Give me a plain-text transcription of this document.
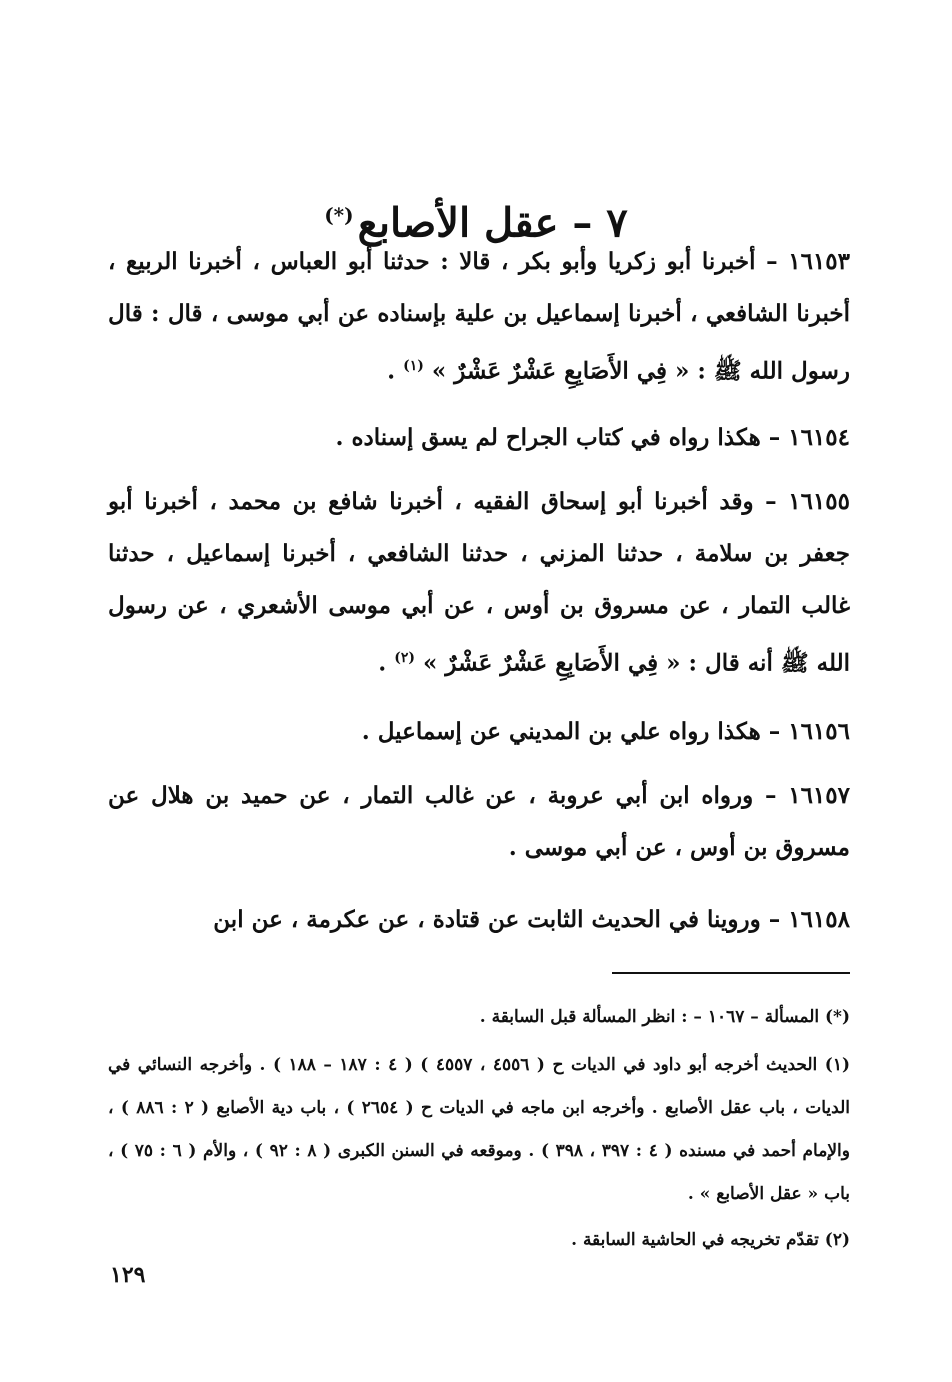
٧ – عقل الأصابع(*)

١٦١٥٣ – أخبرنا أبو زكريا وأبو بكر ، قالا : حدثنا أبو العباس ، أخبرنا الربيع ، أخبرنا الشافعي ، أخبرنا إسماعيل بن علية بإسناده عن أبي موسى ، قال : قال رسول الله ﷺ : « فِي الأَصَابِعِ عَشْرٌ عَشْرٌ » $^{(١)}$ .

١٦١٥٤ – هكذا رواه في كتاب الجراح لم يسق إسناده .

١٦١٥٥ – وقد أخبرنا أبو إسحاق الفقيه ، أخبرنا شافع بن محمد ، أخبرنا أبو جعفر بن سلامة ، حدثنا المزني ، حدثنا الشافعي ، أخبرنا إسماعيل ، حدثنا غالب التمار ، عن مسروق بن أوس ، عن أبي موسى الأشعري ، عن رسول الله ﷺ أنه قال : « فِي الأَصَابِعِ عَشْرٌ عَشْرٌ » $^{(٢)}$ .

١٦١٥٦ – هكذا رواه علي بن المديني عن إسماعيل .

١٦١٥٧ – ورواه ابن أبي عروبة ، عن غالب التمار ، عن حميد بن هلال عن مسروق بن أوس ، عن أبي موسى .

١٦١٥٨ – وروينا في الحديث الثابت عن قتادة ، عن عكرمة ، عن ابن

(*) المسألة – ١٠٦٧ – : انظر المسألة قبل السابقة .

(١) الحديث أخرجه أبو داود في الديات ح ( ٤٥٥٦ ، ٤٥٥٧ ) ( ٤ : ١٨٧ – ١٨٨ ) . وأخرجه النسائي في الديات ، باب عقل الأصابع . وأخرجه ابن ماجه في الديات ح ( ٢٦٥٤ ) ، باب دية الأصابع ( ٢ : ٨٨٦ ) ، والإمام أحمد في مسنده ( ٤ : ٣٩٧ ، ٣٩٨ ) . وموقعه في السنن الكبرى ( ٨ : ٩٢ ) ، والأم ( ٦ : ٧٥ ) ، باب « عقل الأصابع » .

(٢) تقدّم تخريجه في الحاشية السابقة .

١٢٩
